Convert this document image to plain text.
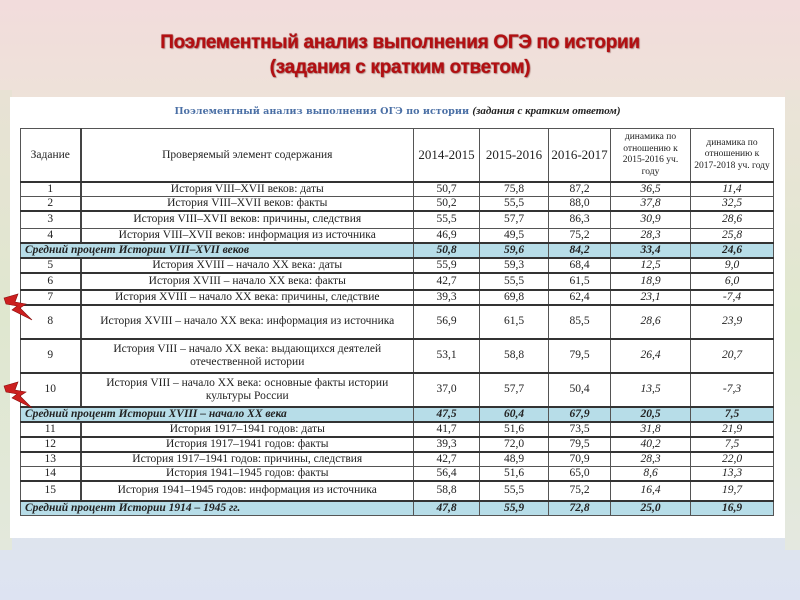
Поэлементный анализ выполнения ОГЭ по истории
(задания с кратким ответом)
Поэлементный анализ выполнения ОГЭ по истории (задания с кратким ответом)
Задание	Проверяемый элемент содержания	2014-2015	2015-2016	2016-2017	динамика по отношению к 2015-2016 уч. году	динамика по отношению к 2017-2018 уч. году
1	История VIII–XVII веков: даты	50,7	75,8	87,2	36,5	11,4
2	История VIII–XVII веков: факты	50,2	55,5	88,0	37,8	32,5
3	История VIII–XVII веков: причины, следствия	55,5	57,7	86,3	30,9	28,6
4	История VIII–XVII веков: информация из источника	46,9	49,5	75,2	28,3	25,8
Средний процент Истории VIII–XVII веков		50,8	59,6	84,2	33,4	24,6
5	История XVIII – начало XX века: даты	55,9	59,3	68,4	12,5	9,0
6	История XVIII – начало XX века: факты	42,7	55,5	61,5	18,9	6,0
7	История XVIII – начало XX века: причины, следствие	39,3	69,8	62,4	23,1	-7,4
8	История XVIII – начало XX века: информация из источника	56,9	61,5	85,5	28,6	23,9
9	История VIII – начало XX века: выдающихся деятелей отечественной истории	53,1	58,8	79,5	26,4	20,7
10	История VIII – начало XX века: основные факты истории культуры России	37,0	57,7	50,4	13,5	-7,3
Средний процент Истории XVIII – начало XX века		47,5	60,4	67,9	20,5	7,5
11	История 1917–1941 годов: даты	41,7	51,6	73,5	31,8	21,9
12	История 1917–1941 годов: факты	39,3	72,0	79,5	40,2	7,5
13	История 1917–1941 годов: причины, следствия	42,7	48,9	70,9	28,3	22,0
14	История 1941–1945 годов: факты	56,4	51,6	65,0	8,6	13,3
15	История 1941–1945 годов: информация из источника	58,8	55,5	75,2	16,4	19,7
Средний процент Истории 1914 – 1945 гг.		47,8	55,9	72,8	25,0	16,9
